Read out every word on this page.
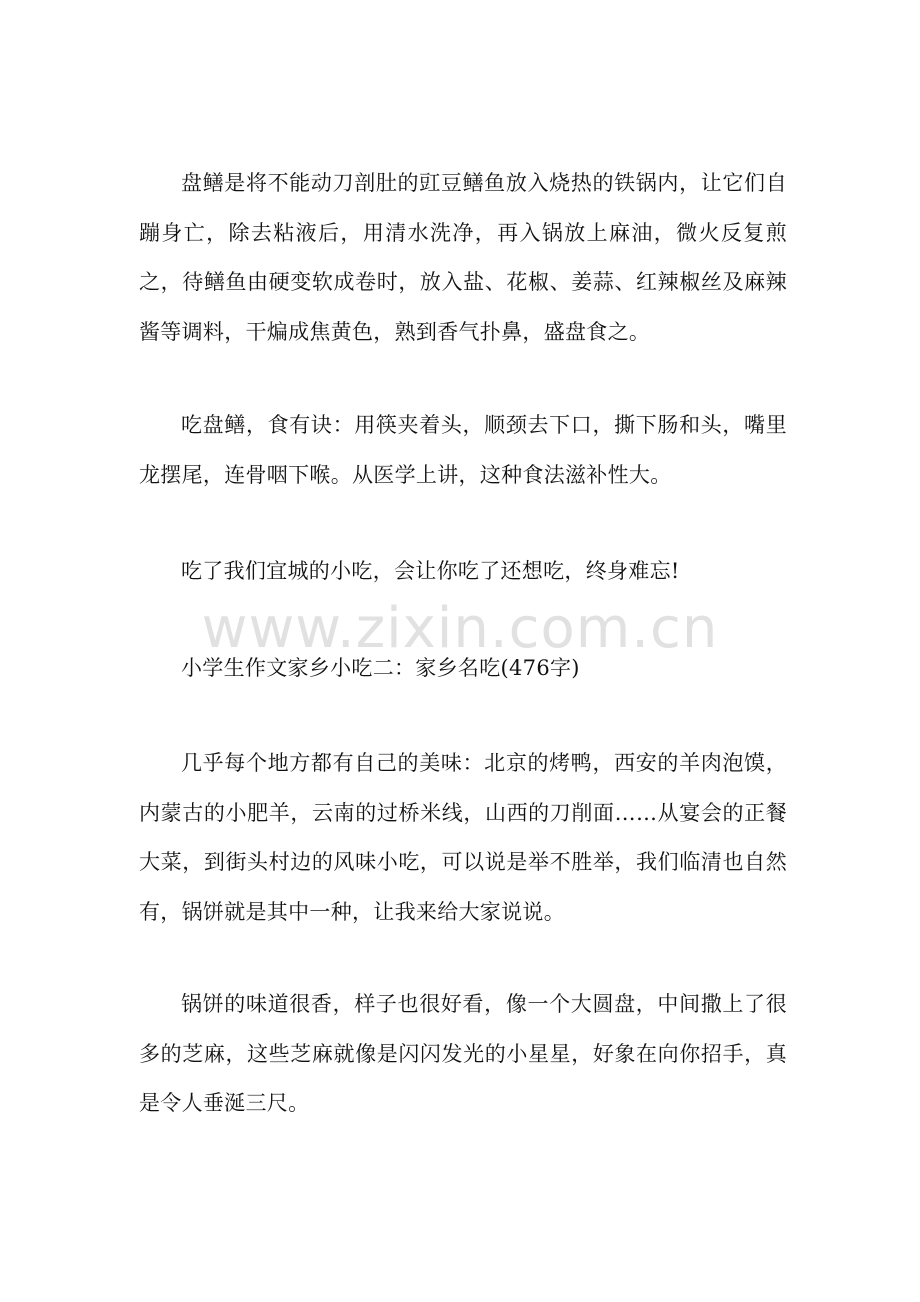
盘鳝是将不能动刀剖肚的豇豆鳝鱼放入烧热的铁锅内，让它们自蹦身亡，除去粘液后，用清水洗净，再入锅放上麻油，微火反复煎之，待鳝鱼由硬变软成卷时，放入盐、花椒、姜蒜、红辣椒丝及麻辣酱等调料，干煸成焦黄色，熟到香气扑鼻，盛盘食之。

吃盘鳝，食有诀：用筷夹着头，顺颈去下口，撕下肠和头，嘴里龙摆尾，连骨咽下喉。从医学上讲，这种食法滋补性大。

吃了我们宜城的小吃，会让你吃了还想吃，终身难忘!

小学生作文家乡小吃二：家乡名吃(476字)

几乎每个地方都有自己的美味：北京的烤鸭，西安的羊肉泡馍，内蒙古的小肥羊，云南的过桥米线，山西的刀削面……从宴会的正餐大菜，到街头村边的风味小吃，可以说是举不胜举，我们临清也自然有，锅饼就是其中一种，让我来给大家说说。

锅饼的味道很香，样子也很好看，像一个大圆盘，中间撒上了很多的芝麻，这些芝麻就像是闪闪发光的小星星，好象在向你招手，真是令人垂涎三尺。

www.zixin.com.cn
